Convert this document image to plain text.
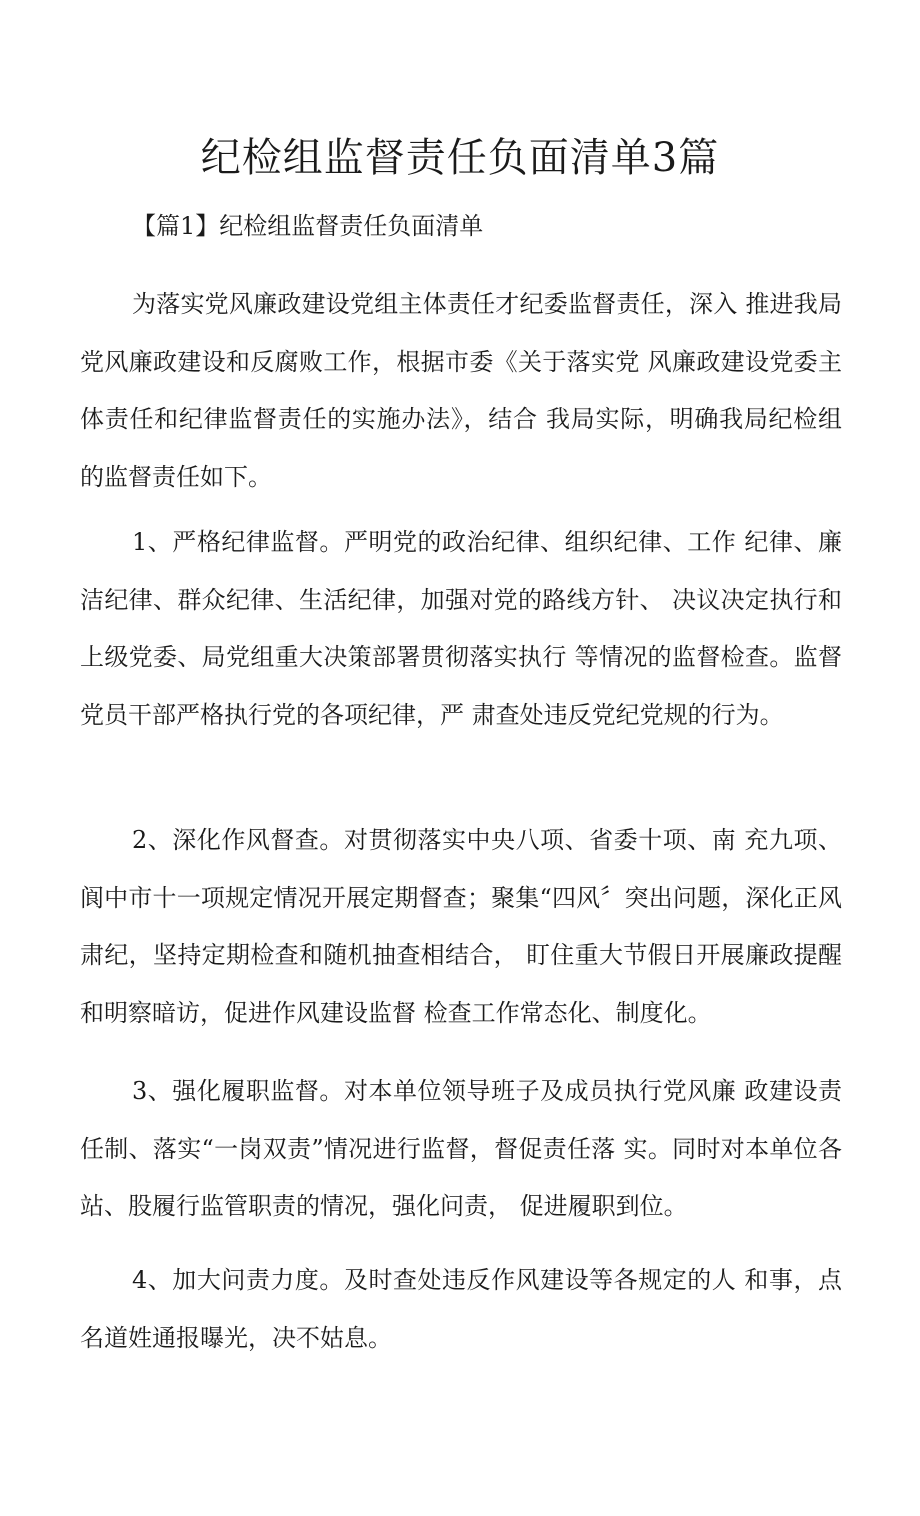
纪检组监督责任负面清单3篇

【篇1】纪检组监督责任负面清单

为落实党风廉政建设党组主体责任才纪委监督责任，深入 推进我局党风廉政建设和反腐败工作，根据市委《关于落实党 风廉政建设党委主体责任和纪律监督责任的实施办法》，结合 我局实际，明确我局纪检组的监督责任如下。

1、严格纪律监督。严明党的政治纪律、组织纪律、工作 纪律、廉洁纪律、群众纪律、生活纪律，加强对党的路线方针、 决议决定执行和上级党委、局党组重大决策部署贯彻落实执行 等情况的监督检查。监督党员干部严格执行党的各项纪律，严 肃查处违反党纪党规的行为。

2、深化作风督查。对贯彻落实中央八项、省委十项、南 充九项、阆中市十一项规定情况开展定期督查；聚集“四风〞突出问题，深化正风肃纪，坚持定期检查和随机抽查相结合， 盯住重大节假日开展廉政提醒和明察暗访，促进作风建设监督 检查工作常态化、制度化。

3、强化履职监督。对本单位领导班子及成员执行党风廉 政建设责任制、落实“一岗双责”情况进行监督，督促责任落 实。同时对本单位各站、股履行监管职责的情况，强化问责， 促进履职到位。

4、加大问责力度。及时查处违反作风建设等各规定的人 和事，点名道姓通报曝光，决不姑息。
